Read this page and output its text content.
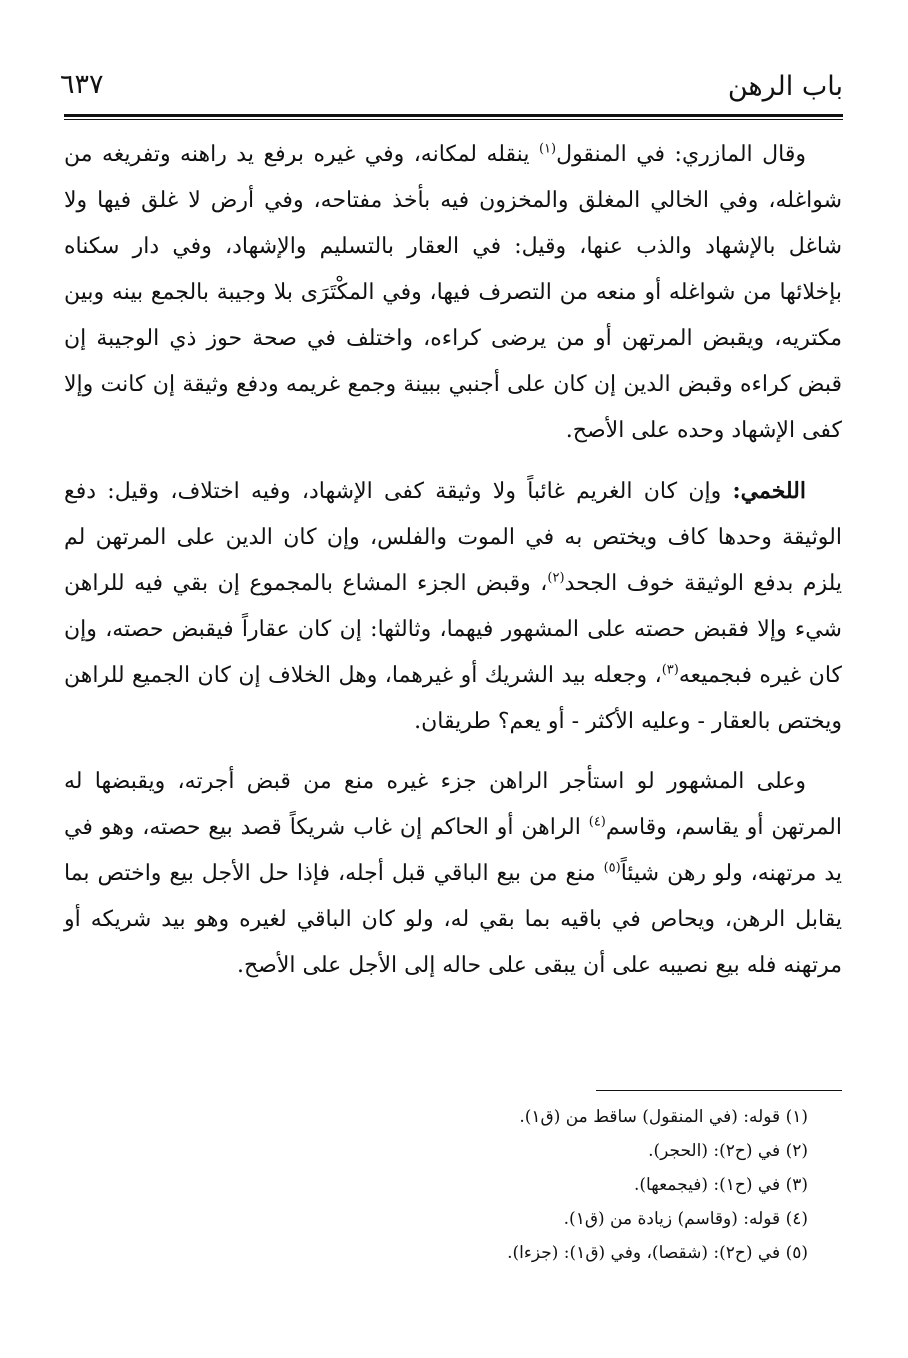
باب الرهن
٦٣٧

وقال المازري: في المنقول$^{(١)}$ ينقله لمكانه، وفي غيره برفع يد راهنه وتفريغه من شواغله، وفي الخالي المغلق والمخزون فيه بأخذ مفتاحه، وفي أرض لا غلق فيها ولا شاغل بالإشهاد والذب عنها، وقيل: في العقار بالتسليم والإشهاد، وفي دار سكناه بإخلائها من شواغله أو منعه من التصرف فيها، وفي المكْتَرَى بلا وجيبة بالجمع بينه وبين مكتريه، ويقبض المرتهن أو من يرضى كراءه، واختلف في صحة حوز ذي الوجيبة إن قبض كراءه وقبض الدين إن كان على أجنبي ببينة وجمع غريمه ودفع وثيقة إن كانت وإلا كفى الإشهاد وحده على الأصح.

اللخمي: وإن كان الغريم غائباً ولا وثيقة كفى الإشهاد، وفيه اختلاف، وقيل: دفع الوثيقة وحدها كاف ويختص به في الموت والفلس، وإن كان الدين على المرتهن لم يلزم بدفع الوثيقة خوف الجحد$^{(٢)}$، وقبض الجزء المشاع بالمجموع إن بقي فيه للراهن شيء وإلا فقبض حصته على المشهور فيهما، وثالثها: إن كان عقاراً فيقبض حصته، وإن كان غيره فبجميعه$^{(٣)}$، وجعله بيد الشريك أو غيرهما، وهل الخلاف إن كان الجميع للراهن ويختص بالعقار - وعليه الأكثر - أو يعم؟ طريقان.

وعلى المشهور لو استأجر الراهن جزء غيره منع من قبض أجرته، ويقبضها له المرتهن أو يقاسم، وقاسم$^{(٤)}$ الراهن أو الحاكم إن غاب شريكاً قصد بيع حصته، وهو في يد مرتهنه، ولو رهن شيئاً$^{(٥)}$ منع من بيع الباقي قبل أجله، فإذا حل الأجل بيع واختص بما يقابل الرهن، ويحاص في باقيه بما بقي له، ولو كان الباقي لغيره وهو بيد شريكه أو مرتهنه فله بيع نصيبه على أن يبقى على حاله إلى الأجل على الأصح.

(١) قوله: (في المنقول) ساقط من (ق١).

(٢) في (ح٢): (الحجر).

(٣) في (ح١): (فيجمعها).

(٤) قوله: (وقاسم) زيادة من (ق١).

(٥) في (ح٢): (شقصا)، وفي (ق١): (جزءا).
